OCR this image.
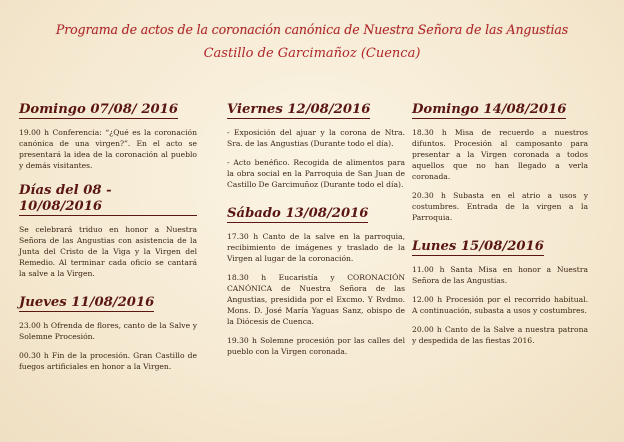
Programa de actos de la coronación canónica de Nuestra Señora de las Angustias
Castillo de Garcimañoz (Cuenca)
Domingo 07/08/ 2016

19.00 h Conferencia: “¿Qué es la coronación canónica de una virgen?”. En el acto se presentará la idea de la coronación al pueblo y demás visitantes.

Días del 08 - 10/08/2016

Se celebrará triduo en honor a Nuestra Señora de las Angustias con asistencia de la Junta del Cristo de la Viga y la Virgen del Remedio. Al terminar cada oficio se cantará la salve a la Virgen.

Jueves 11/08/2016

23.00 h Ofrenda de flores, canto de la Salve y Solemne Procesión.

00.30 h Fin de la procesión. Gran Castillo de fuegos artificiales en honor a la Virgen.

Viernes 12/08/2016

- Exposición del ajuar y la corona de Ntra. Sra. de las Angustias (Durante todo el día).

- Acto benéfico. Recogida de alimentos para la obra social en la Parroquia de San Juan de Castillo De Garcimuñoz (Durante todo el día).

Sábado 13/08/2016

17.30 h Canto de la salve en la parroquia, recibimiento de imágenes y traslado de la Virgen al lugar de la coronación.

18.30 h Eucaristía y CORONACIÓN CANÓNICA de Nuestra Señora de las Angustias, presidida por el Excmo. Y Rvdmo. Mons. D. José María Yaguas Sanz, obispo de la Diócesis de Cuenca.

19.30 h Solemne procesión por las calles del pueblo con la Virgen coronada.

Domingo 14/08/2016

18.30 h Misa de recuerdo a nuestros difuntos. Procesión al camposanto para presentar a la Virgen coronada a todos aquellos que no han llegado a verla coronada.

20.30 h Subasta en el atrio a usos y costumbres. Entrada de la virgen a la Parroquia.

Lunes 15/08/2016

11.00 h Santa Misa en honor a Nuestra Señora de las Angustias.

12.00 h Procesión por el recorrido habitual. A continuación, subasta a usos y costumbres.

20.00 h Canto de la Salve a nuestra patrona y despedida de las fiestas 2016.
